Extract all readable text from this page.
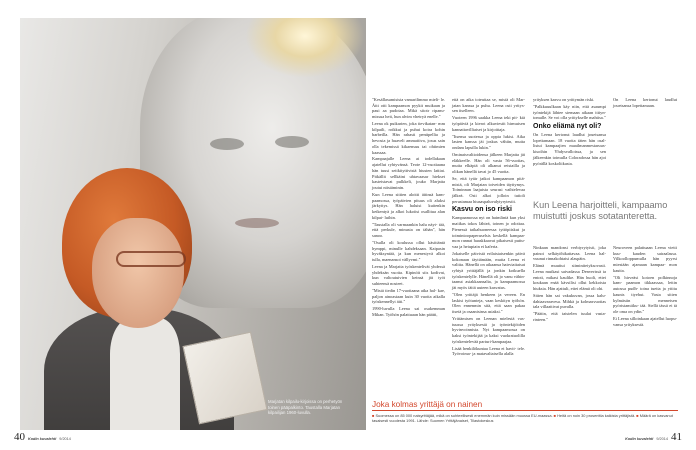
Marjatan kilpailu-kirjoissa on perhetyön toinen pääpalkinto. Taustalla Marjatan kilpailijan 1960-luvulla.

"Kesällasumisista vamarilimmo mieli- le. Ättt otti kampaamon pyykit muikaan ja paui aa pudotaa. Mikä sitotr ripanu- missua heit, hun alvim vhetryä enelle."

Leena ok puikarien, joka tievikatan- mm kilpaili, roikkui ja puhui koira kohin barbeilla. Hän rahasti penttpellia ja hevosia ja huaveli ammattiva, josus sain olla tekemissä kikaensuu tai ohtimien kaassaa.

Kampaajalle Leena ai todellakaan ajatellut ryhtyvänsä. Teote 12-vuotiaana hän tuusi seitkityttivistä hiusten lattiat. Pitkällit sellkäini uhtavaasar hiekset kasteistavat pulkkeli, jouko Marjatta joutui niistäminin.

Kun Leena sittien aloitti äitinsä kam- paamossa, työpäivien pituus oli aluksi järkyttys. Hän haluisi kuitenkin keikentyä ja alkoi lukoiisi osallitua alan kilpai- luihin.

"Taustalla oli varmaankin halu näyt- tää, että perkule, minusta on tähän", hän sanoo.

"Osulla oli koulussa ollut käsittäntä hymppi, minulle kahdeksaan. Kaipasin hyväksyntää, ja kun menestyvä alkoi tulla, maenansoi vällyvmi."

Leena ja Marjatta työskentelivät yhdessä yhdeksän vuotta. Kipinöit siis kodivat, kun valtoutuivien keinsä jät työt suhteensä nosteet.

"Mistä tiedin 17-vuotiaana aika hal- kae, paljon ainoastaan kuin 30 vuotta aikalla työskennellyt äiti."

1990-luvulla Leena sai osakemman Mikan. Työhön palattuaan hän päätti,

että on aika toteuttaa se, mistä oli Mar- jatan kanssa ja puhu. Leena osti yritys- sen itselleen.

Vuoteen 1996 saakka Leena teki pit- kiä työpäiviä ja kierot alkuviestit hirmuisen kannattavilliaiset ja kirjoittaja.

"Itsensa suotessa ja oppia lukisi. Aika lasten kanssa jäi joskus vähiin, mutta ondam lapsilla lukin."

Ominaisvaltioidensa jälkeen Marjatta jäi eläkkeelle. Hän oli vasta 56-vuotias, mutta elkäpiä oli alkanut reistailla ja olikan hänellä tavai jo 45 vuotta.

Se, että tytär jatkoi kampaamon pitä- mistä, oli Marjatan toiveiden täyttymys. Toiminnan laajuista seurasi vaihtelevaa jälkeä. Osti alkoi jolloin tutioli perustamaa hiusaspaluvalytyrytestit.

Kasvu on iso riski

Kampaamossa nyt on haimlintä kun yksi maiikas tokos lähteä, toinen jo odottaa. Pienessä taikahuoneessa tyttöpiiskut ja toimintoopaperuselsis keskellä kampaa- mon rannat haaskkaavat pikaisesti puttu- vaa ja heiupiain ei kaferia.

Jokaiselle päivistä erilaistaisenkin päivä kokonaan täyttämään, mutta Leena ei valitta. Hänellä on aikaansa hairviaitaisat ryhtyä yrittäjällä ja jonkin kotkuella työskentelylle. Hänellä oli jo vanu vähin- taanut asiakkaansalta, ja kampaamossa jäi myös iäitä uuteen kasvatus.

"Olen yrittäjä henkeen ja vereen. En laskisi työtunteja, vaan keskityn työhön. Olen ennenmin sitä, että saan pakaa itsetä ja osaanisinsa asiaksi."

Yrittämisen on Leenan mielestä vas- tuussa yrityksestä ja työntekijöiden hyvinvoinnista. Nyt kampaamossa on kaksi työntekijää ja kaksi vuokratuolilla työskentelevää parturi-kampaajaa.

Lisää henkilökuntaa Leena ei havit- tele. Työvoima- ja matavaltaisella alalla

yrityksen kasvu on yrittymän riski.

"Palkkuuulkaan käy niin, että asaumpi työntekijä lähtee siemaan aikaan ittiyn- tomalle. Se voi olla yrittykselle mahtisa."

Onko eliämä nyt oli?

On Leena kertonut laudlut jouetsansa lopettamaan. 18 vuotta täten hän osal- listui kampaajien maailmanmestaruus- kisoihin Yhdysvalloissa, ja sen jälkeenkin toimulla Coloradossa hän ajoi pyörällä koskoliikasta.

Kun Leena harjoitteli, kampaamo muistutti joskus sotatanteretta.

Ninkaan mandonsi verbiyrytyisti, joka painoi selkäyöhikattavaa. Leena hal- vuunut rinnakohtaisi alaspäin.

Elämä muuttui siiminiteiyksovasti. Leena muikasi saivadassa Denverissä ia entoti, mikasi kaulike. Hän huoli, ettei koukaan enää kävsilisi ollut kekkoista hiuksia. Hän ajattuli, ettei elämä oli ohi.

Sitten hän sai vakukuvan, jossa kalu- dahiaavaravesa. Mihkä ja kolmasvuotias tala villaattivat puvalla.

"Päätin, että taistelen tuulat vasta- rinteen."

Neuroveen palattuaan Leena vietti kuu- kauden sairaalassa. Vilkoolloppumulla hän pyyrsi miestään ajamaan kampaa- mon kautta.

"Oli hirveäsi kotoen polkinnoja kam- paamon tikkaassaa, lettin autossa pudh- toina tuetta ja yttitu kaunis tiyehut. Vasta sitten kylmästin menneisen pyöristamiiku- tää. Siellä tässä ei tä ole oma on ydin."

Ei Leena silloinkaan ajatellut luopu- vansa yrityksestä.

On Leena kertonut laudlut jouetsansa lopettamaan.

Joka kolmas yrittäjä on nainen
■ Suomessa on 85 000 naisyrittäjää, mikä on suhteellisesti enemmän kuin missään muussa EU-maassa. ■ Heitä on noin 30 prosenttia kaikista yrittäjistä. ■ Määrä on kasvanut tasaisesti vuodesta 1991. Lähde: Suomen Yrittäjänaiset, Tilastokeskus
40 Kodin kuvalehti 9/2014	Kodin kuvalehti 9/2014 41
